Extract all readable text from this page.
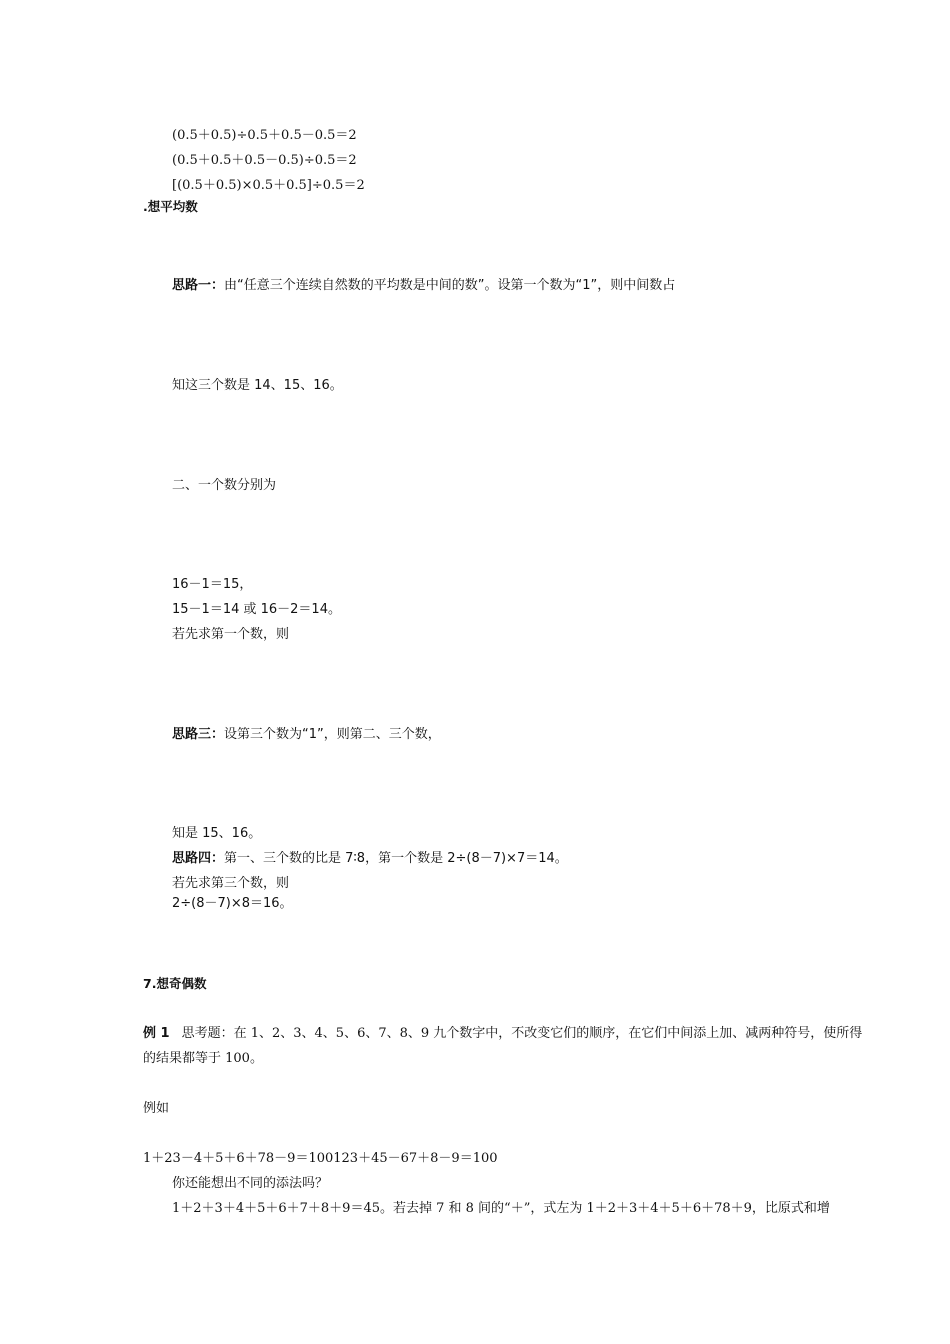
(0.5＋0.5)÷0.5＋0.5－0.5＝2
(0.5＋0.5＋0.5－0.5)÷0.5＝2
[(0.5＋0.5)×0.5＋0.5]÷0.5＝2
.想平均数
思路一：由“任意三个连续自然数的平均数是中间的数”。设第一个数为“1”，则中间数占
知这三个数是 14、15、16。
二、一个数分别为
16－1＝15，
15－1＝14 或 16－2＝14。
若先求第一个数，则
思路三：设第三个数为“1”，则第二、三个数，
知是 15、16。
思路四：第一、三个数的比是 7∶8，第一个数是 2÷(8－7)×7＝14。
若先求第三个数，则
2÷(8－7)×8＝16。
7.想奇偶数
例 1 思考题：在 1、2、3、4、5、6、7、8、9 九个数字中，不改变它们的顺序，在它们中间添上加、减两种符号，使所得
的结果都等于 100。
例如
1＋23－4＋5＋6＋78－9＝100123＋45－67＋8－9＝100
你还能想出不同的添法吗？
1＋2＋3＋4＋5＋6＋7＋8＋9＝45。若去掉 7 和 8 间的“＋”，式左为 1＋2＋3＋4＋5＋6＋78＋9，比原式和增
